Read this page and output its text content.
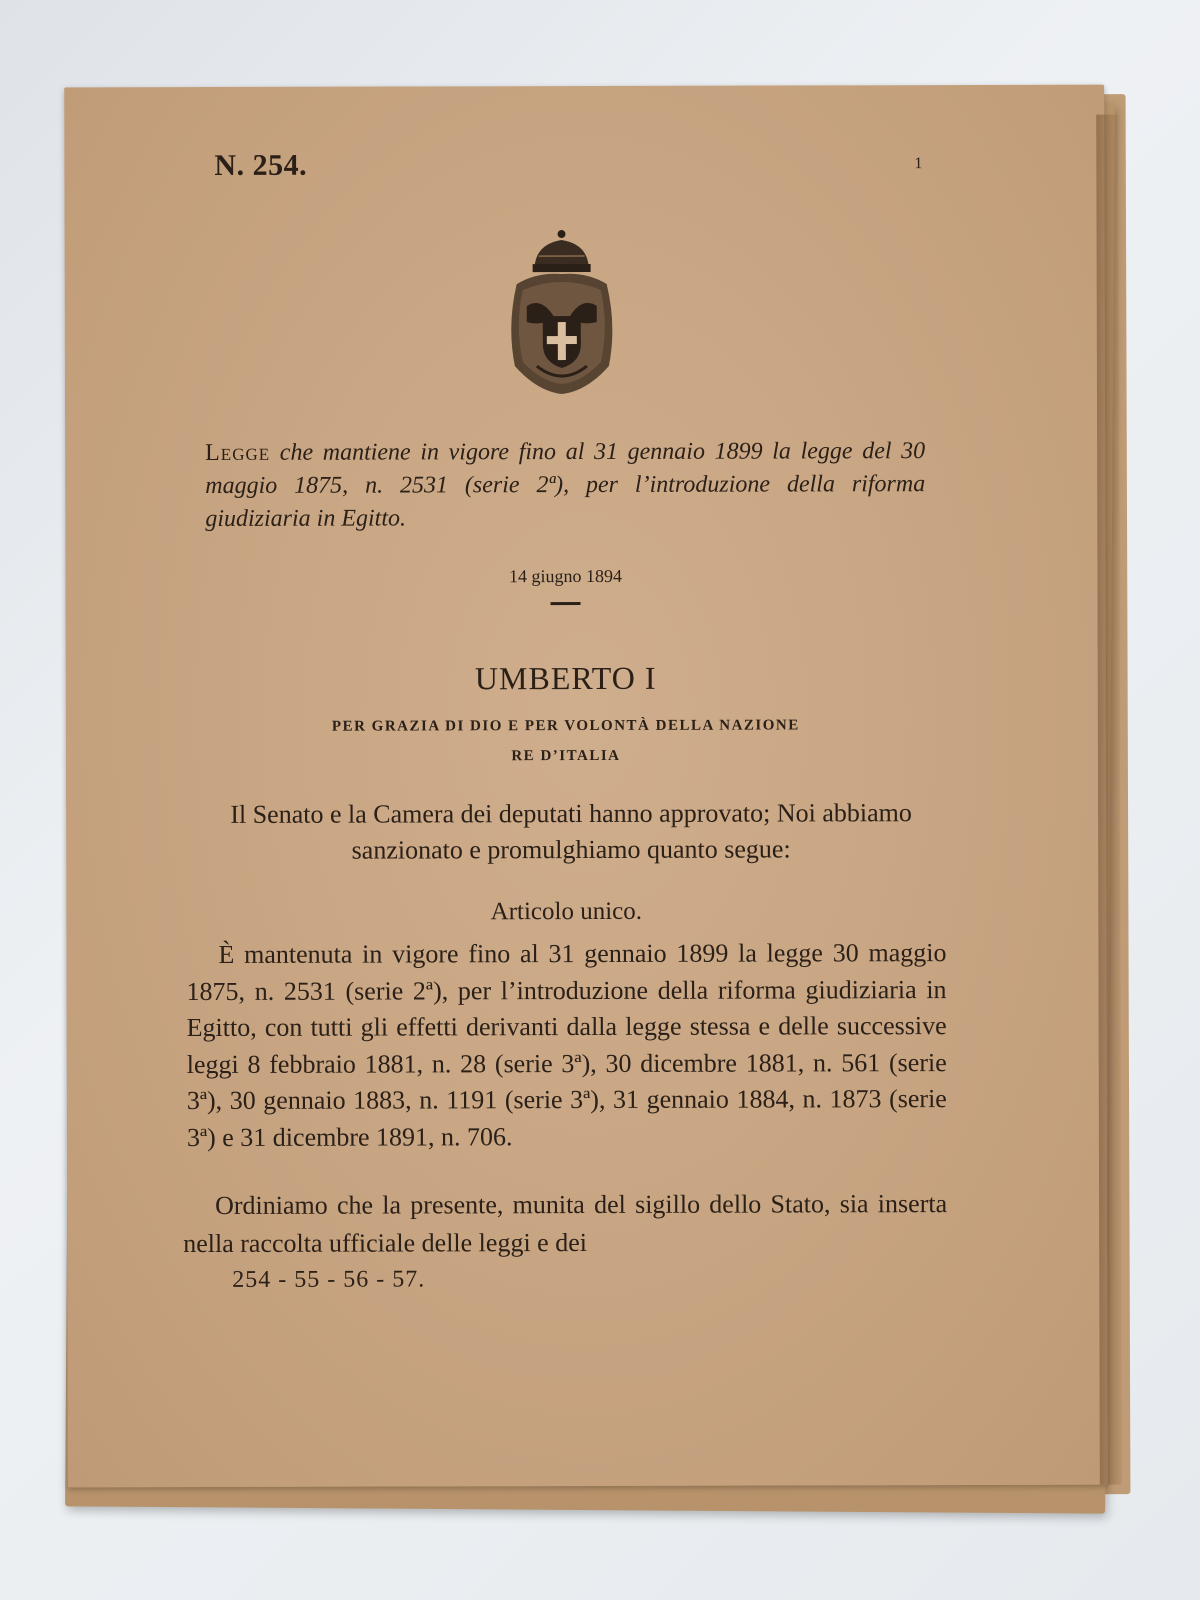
N. 254.	1
Legge che mantiene in vigore fino al 31 gennaio 1899 la legge del 30 maggio 1875, n. 2531 (serie 2ª), per l’introduzione della riforma giudiziaria in Egitto.
14 giugno 1894
UMBERTO I
PER GRAZIA DI DIO E PER VOLONTÀ DELLA NAZIONE
RE D’ITALIA
Il Senato e la Camera dei deputati hanno approvato; Noi abbiamo sanzionato e promulghiamo quanto segue:
Articolo unico.
È mantenuta in vigore fino al 31 gennaio 1899 la legge 30 maggio 1875, n. 2531 (serie 2ª), per l’introduzione della riforma giudiziaria in Egitto, con tutti gli effetti derivanti dalla legge stessa e delle successive leggi 8 febbraio 1881, n. 28 (serie 3ª), 30 dicembre 1881, n. 561 (serie 3ª), 30 gennaio 1883, n. 1191 (serie 3ª), 31 gennaio 1884, n. 1873 (serie 3ª) e 31 dicembre 1891, n. 706.
Ordiniamo che la presente, munita del sigillo dello Stato, sia inserta nella raccolta ufficiale delle leggi e dei
254 - 55 - 56 - 57.
